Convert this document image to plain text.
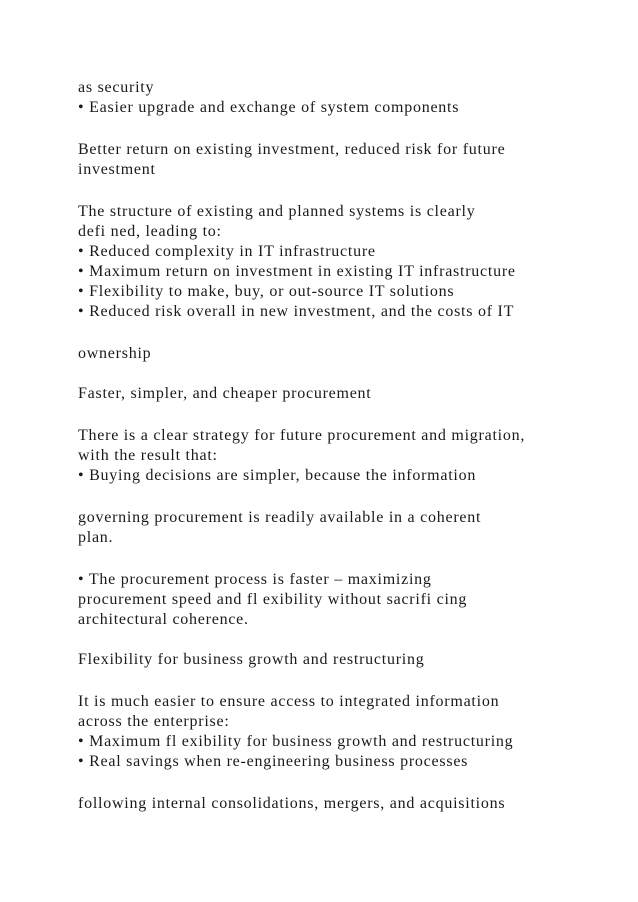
as security
• Easier upgrade and exchange of system components
Better return on existing investment, reduced risk for future
investment
The structure of existing and planned systems is clearly
defi ned, leading to:
• Reduced complexity in IT infrastructure
• Maximum return on investment in existing IT infrastructure
• Flexibility to make, buy, or out-source IT solutions
• Reduced risk overall in new investment, and the costs of IT
ownership
Faster, simpler, and cheaper procurement
There is a clear strategy for future procurement and migration,
with the result that:
• Buying decisions are simpler, because the information
governing procurement is readily available in a coherent
plan.
• The procurement process is faster – maximizing
procurement speed and fl exibility without sacrifi cing
architectural coherence.
Flexibility for business growth and restructuring
It is much easier to ensure access to integrated information
across the enterprise:
• Maximum fl exibility for business growth and restructuring
• Real savings when re-engineering business processes
following internal consolidations, mergers, and acquisitions
